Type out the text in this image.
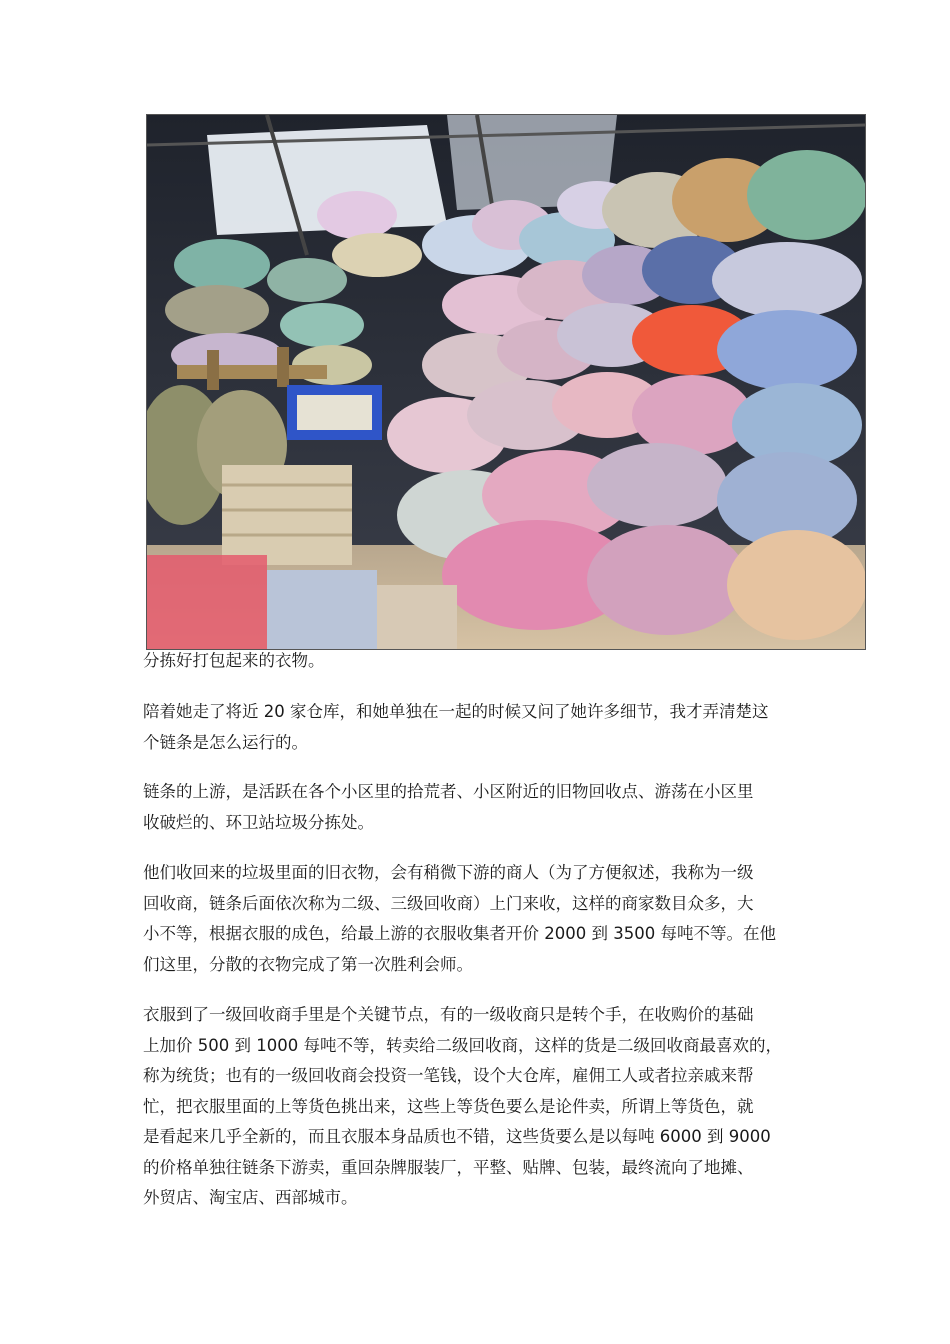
分拣好打包起来的衣物。
陪着她走了将近 20 家仓库，和她单独在一起的时候又问了她许多细节，我才弄清楚这
个链条是怎么运行的。
链条的上游，是活跃在各个小区里的拾荒者、小区附近的旧物回收点、游荡在小区里
收破烂的、环卫站垃圾分拣处。
他们收回来的垃圾里面的旧衣物，会有稍微下游的商人（为了方便叙述，我称为一级
回收商，链条后面依次称为二级、三级回收商）上门来收，这样的商家数目众多，大
小不等，根据衣服的成色，给最上游的衣服收集者开价 2000 到 3500 每吨不等。在他
们这里，分散的衣物完成了第一次胜利会师。
衣服到了一级回收商手里是个关键节点，有的一级收商只是转个手，在收购价的基础
上加价 500 到 1000 每吨不等，转卖给二级回收商，这样的货是二级回收商最喜欢的，
称为统货；也有的一级回收商会投资一笔钱，设个大仓库，雇佣工人或者拉亲戚来帮
忙，把衣服里面的上等货色挑出来，这些上等货色要么是论件卖，所谓上等货色，就
是看起来几乎全新的，而且衣服本身品质也不错，这些货要么是以每吨 6000 到 9000
的价格单独往链条下游卖，重回杂牌服装厂，平整、贴牌、包装，最终流向了地摊、
外贸店、淘宝店、西部城市。
